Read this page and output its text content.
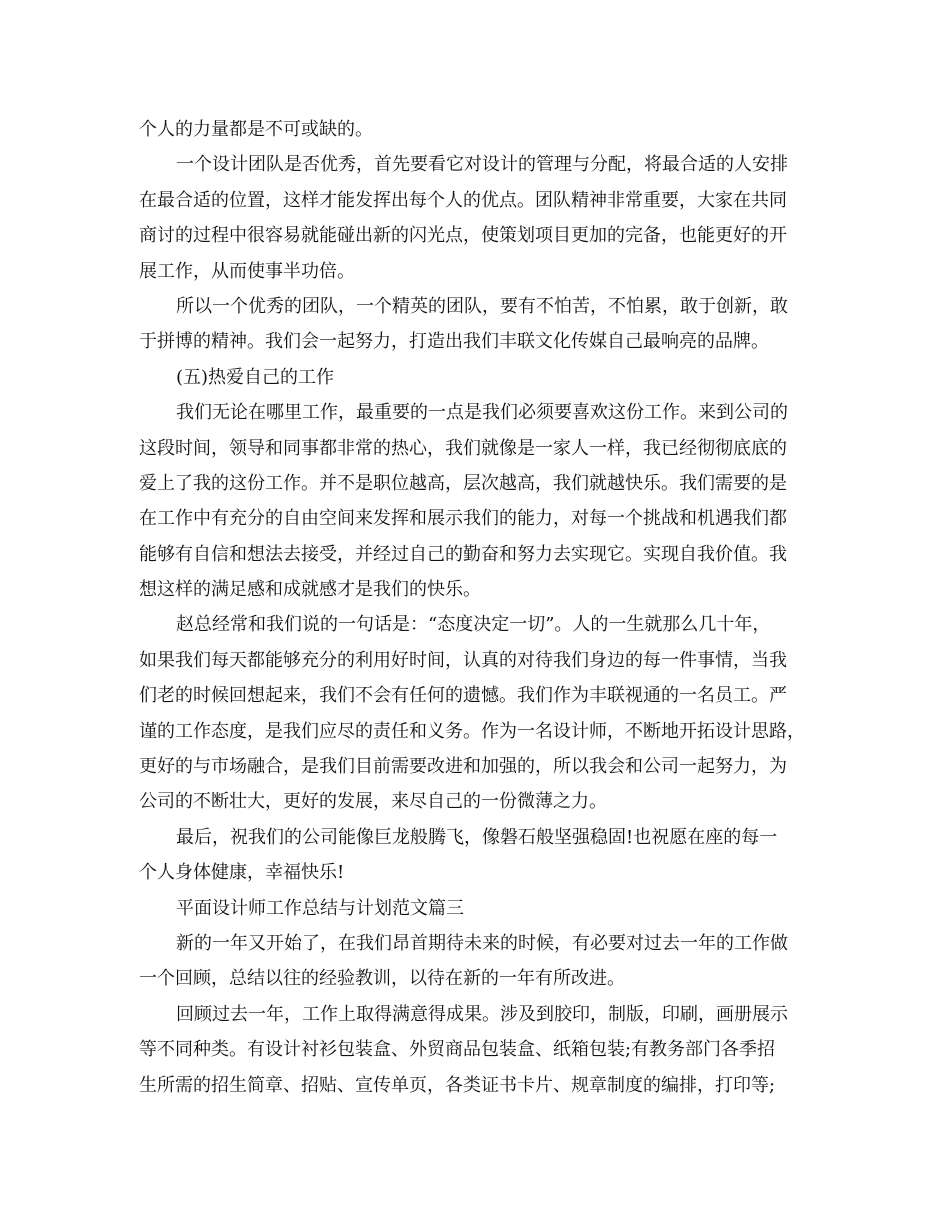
个人的力量都是不可或缺的。
一个设计团队是否优秀，首先要看它对设计的管理与分配，将最合适的人安排
在最合适的位置，这样才能发挥出每个人的优点。团队精神非常重要，大家在共同
商讨的过程中很容易就能碰出新的闪光点，使策划项目更加的完备，也能更好的开
展工作，从而使事半功倍。
所以一个优秀的团队，一个精英的团队，要有不怕苦，不怕累，敢于创新，敢
于拼博的精神。我们会一起努力，打造出我们丰联文化传媒自己最响亮的品牌。
(五)热爱自己的工作
我们无论在哪里工作，最重要的一点是我们必须要喜欢这份工作。来到公司的
这段时间，领导和同事都非常的热心，我们就像是一家人一样，我已经彻彻底底的
爱上了我的这份工作。并不是职位越高，层次越高，我们就越快乐。我们需要的是
在工作中有充分的自由空间来发挥和展示我们的能力，对每一个挑战和机遇我们都
能够有自信和想法去接受，并经过自己的勤奋和努力去实现它。实现自我价值。我
想这样的满足感和成就感才是我们的快乐。
赵总经常和我们说的一句话是：“态度决定一切”。人的一生就那么几十年，
如果我们每天都能够充分的利用好时间，认真的对待我们身边的每一件事情，当我
们老的时候回想起来，我们不会有任何的遗憾。我们作为丰联视通的一名员工。严
谨的工作态度，是我们应尽的责任和义务。作为一名设计师，不断地开拓设计思路，
更好的与市场融合，是我们目前需要改进和加强的，所以我会和公司一起努力，为
公司的不断壮大，更好的发展，来尽自己的一份微薄之力。
最后，祝我们的公司能像巨龙般腾飞，像磐石般坚强稳固!也祝愿在座的每一
个人身体健康，幸福快乐!
平面设计师工作总结与计划范文篇三
新的一年又开始了，在我们昂首期待未来的时候，有必要对过去一年的工作做
一个回顾，总结以往的经验教训，以待在新的一年有所改进。
回顾过去一年，工作上取得满意得成果。涉及到胶印，制版，印刷，画册展示
等不同种类。有设计衬衫包装盒、外贸商品包装盒、纸箱包装;有教务部门各季招
生所需的招生简章、招贴、宣传单页，各类证书卡片、规章制度的编排，打印等;
